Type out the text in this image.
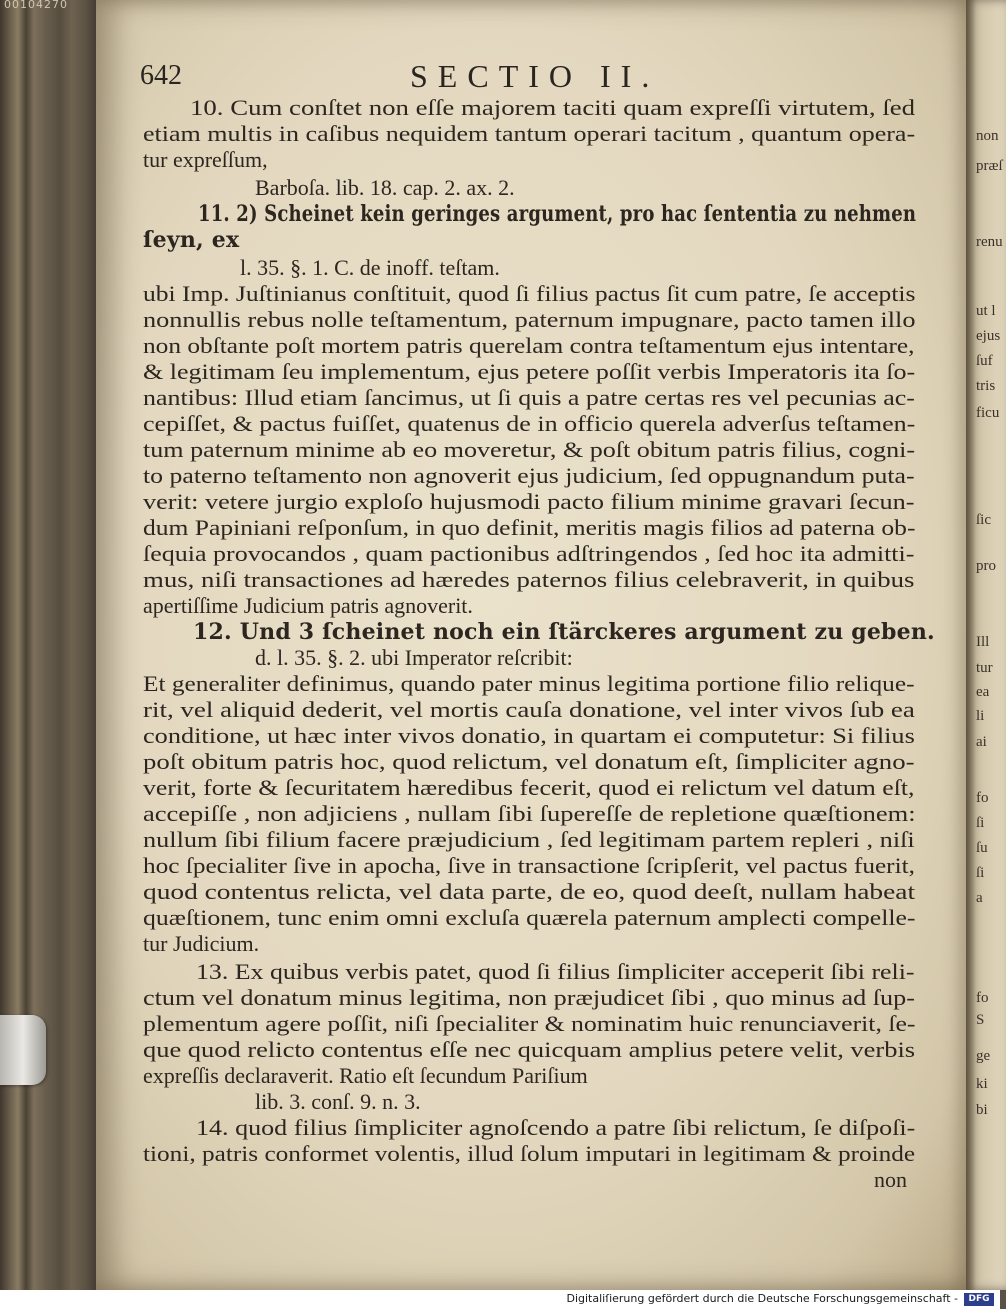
00104270
642	SECTIO II.
10. Cum conſtet non eſſe majorem taciti quam expreſſi virtutem, ſed
etiam multis in caſibus nequidem tantum operari tacitum , quantum opera-
tur expreſſum,
Barboſa. lib. 18. cap. 2. ax. 2.
11. 2) Scheinet kein geringes argument, pro hac ſententia zu nehmen
ſeyn, ex
l. 35. §. 1. C. de inoff. teſtam.
ubi Imp. Juſtinianus conſtituit, quod ſi filius pactus ſit cum patre, ſe acceptis
nonnullis rebus nolle teſtamentum, paternum impugnare, pacto tamen illo
non obſtante poſt mortem patris querelam contra teſtamentum ejus intentare,
& legitimam ſeu implementum, ejus petere poſſit verbis Imperatoris ita ſo-
nantibus: Illud etiam ſancimus, ut ſi quis a patre certas res vel pecunias ac-
cepiſſet, & pactus fuiſſet, quatenus de in officio querela adverſus teſtamen-
tum paternum minime ab eo moveretur, & poſt obitum patris filius, cogni-
to paterno teſtamento non agnoverit ejus judicium, ſed oppugnandum puta-
verit: vetere jurgio exploſo hujusmodi pacto filium minime gravari ſecun-
dum Papiniani reſponſum, in quo definit, meritis magis filios ad paterna ob-
ſequia provocandos , quam pactionibus adſtringendos , ſed hoc ita admitti-
mus, niſi transactiones ad hæredes paternos filius celebraverit, in quibus
apertiſſime Judicium patris agnoverit.
12. Und 3 ſcheinet noch ein ſtärckeres argument zu geben.
d. l. 35. §. 2. ubi Imperator reſcribit:
Et generaliter definimus, quando pater minus legitima portione filio reliquе-
rit, vel aliquid dederit, vel mortis cauſa donatione, vel inter vivos ſub ea
conditione, ut hæc inter vivos donatio, in quartam ei computetur: Si filius
poſt obitum patris hoc, quod relictum, vel donatum eſt, ſimpliciter agno-
verit, forte & ſecuritatem hæredibus fecerit, quod ei relictum vel datum eſt,
accepiſſe , non adjiciens , nullam ſibi ſupereſſe de repletione quæſtionem:
nullum ſibi filium facere præjudicium , ſed legitimam partem repleri , niſi
hoc ſpecialiter ſive in apocha, ſive in transactione ſcripſerit, vel pactus fuerit,
quod contentus relicta, vel data parte, de eo, quod deeſt, nullam habeat
quæſtionem, tunc enim omni excluſa quærela paternum amplecti compelle-
tur Judicium.
13. Ex quibus verbis patet, quod ſi filius ſimpliciter acceperit ſibi reli-
ctum vel donatum minus legitima, non præjudicet ſibi , quo minus ad ſup-
plementum agere poſſit, niſi ſpecialiter & nominatim huic renunciaverit, ſe-
que quod relicto contentus eſſe nec quicquam amplius petere velit, verbis
expreſſis declaraverit. Ratio eſt ſecundum Pariſium
lib. 3. conſ. 9. n. 3.
14. quod filius ſimpliciter agnoſcendo a patre ſibi relictum, ſe diſpoſi-
tioni, patris conformet volentis, illud ſolum imputari in legitimam & proinde
non
non
præſ
renu
ut l
ejus
ſuf
tris
ficu
ſic
pro
Ill
tur
ea
li
ai
fo
ſi
ſu
ſi
a
fo
S
ge
ki
bi
Digitaliſierung gefördert durch die Deutsche Forschungsgemeinschaft -	DFG
